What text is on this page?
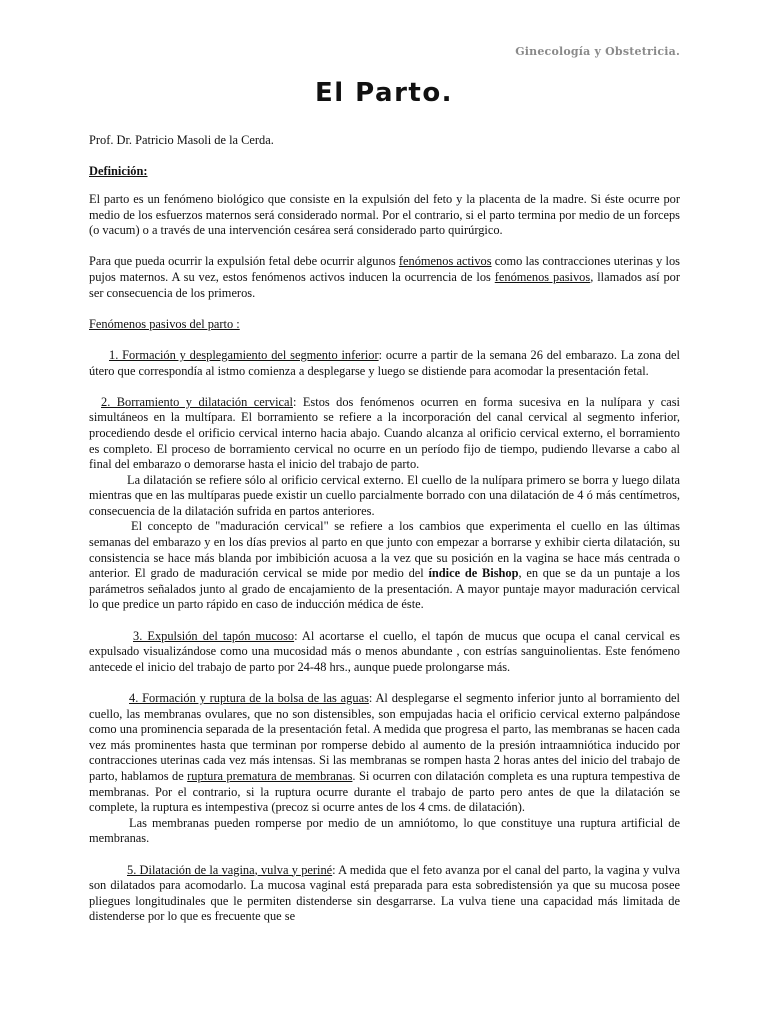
Ginecología y Obstetricia.
El Parto.
Prof. Dr. Patricio Masoli de la Cerda.
Definición:

El parto es un fenómeno biológico que consiste en la expulsión del feto y la placenta de la madre. Si éste ocurre por medio de los esfuerzos maternos será considerado normal. Por el contrario, si el parto termina por medio de un forceps (o vacum) o a través de una intervención cesárea será considerado parto quirúrgico.

Para que pueda ocurrir la expulsión fetal debe ocurrir algunos fenómenos activos como las contracciones uterinas y los pujos maternos. A su vez, estos fenómenos activos inducen la ocurrencia de los fenómenos pasivos, llamados así por ser consecuencia de los primeros.

Fenómenos pasivos del parto :

1. Formación y desplegamiento del segmento inferior: ocurre a partir de la semana 26 del embarazo. La zona del útero que correspondía al istmo comienza a desplegarse y luego se distiende para acomodar la presentación fetal.

2. Borramiento y dilatación cervical: Estos dos fenómenos ocurren en forma sucesiva en la nulípara y casi simultáneos en la multípara. El borramiento se refiere a la incorporación del canal cervical al segmento inferior, procediendo desde el orificio cervical interno hacia abajo. Cuando alcanza al orificio cervical externo, el borramiento es completo. El proceso de borramiento cervical no ocurre en un período fijo de tiempo, pudiendo llevarse a cabo al final del embarazo o demorarse hasta el inicio del trabajo de parto.

La dilatación se refiere sólo al orificio cervical externo. El cuello de la nulípara primero se borra y luego dilata mientras que en las multíparas puede existir un cuello parcialmente borrado con una dilatación de 4 ó más centímetros, consecuencia de la dilatación sufrida en partos anteriores.

El concepto de "maduración cervical" se refiere a los cambios que experimenta el cuello en las últimas semanas del embarazo y en los días previos al parto en que junto con empezar a borrarse y exhibir cierta dilatación, su consistencia se hace más blanda por imbibición acuosa a la vez que su posición en la vagina se hace más centrada o anterior. El grado de maduración cervical se mide por medio del índice de Bishop, en que se da un puntaje a los parámetros señalados junto al grado de encajamiento de la presentación. A mayor puntaje mayor maduración cervical lo que predice un parto rápido en caso de inducción médica de éste.

3. Expulsión del tapón mucoso: Al acortarse el cuello, el tapón de mucus que ocupa el canal cervical es expulsado visualizándose como una mucosidad más o menos abundante , con estrías sanguinolientas. Este fenómeno antecede el inicio del trabajo de parto por 24-48 hrs., aunque puede prolongarse más.

4. Formación y ruptura de la bolsa de las aguas: Al desplegarse el segmento inferior junto al borramiento del cuello, las membranas ovulares, que no son distensibles, son empujadas hacia el orificio cervical externo palpándose como una prominencia separada de la presentación fetal. A medida que progresa el parto, las membranas se hacen cada vez más prominentes hasta que terminan por romperse debido al aumento de la presión intraamniótica inducido por contracciones uterinas cada vez más intensas. Si las membranas se rompen hasta 2 horas antes del inicio del trabajo de parto, hablamos de ruptura prematura de membranas. Si ocurren con dilatación completa es una ruptura tempestiva de membranas. Por el contrario, si la ruptura ocurre durante el trabajo de parto pero antes de que la dilatación se complete, la ruptura es intempestiva (precoz si ocurre antes de los 4 cms. de dilatación).

Las membranas pueden romperse por medio de un amniótomo, lo que constituye una ruptura artificial de membranas.

5. Dilatación de la vagina, vulva y periné: A medida que el feto avanza por el canal del parto, la vagina y vulva son dilatados para acomodarlo. La mucosa vaginal está preparada para esta sobredistensión ya que su mucosa posee pliegues longitudinales que le permiten distenderse sin desgarrarse. La vulva tiene una capacidad más limitada de distenderse por lo que es frecuente que se
